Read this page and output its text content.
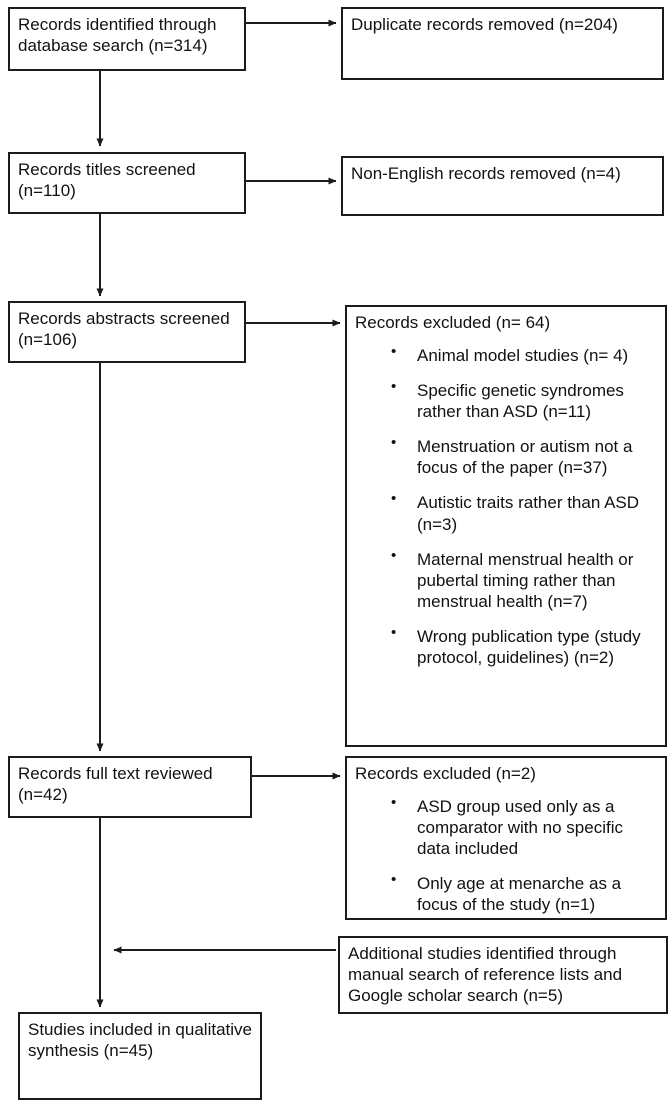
Records identified through database search (n=314)
Records titles screened (n=110)
Records abstracts screened (n=106)
Records full text reviewed (n=42)
Studies included in qualitative synthesis (n=45)
Duplicate records removed (n=204)
Non-English records removed (n=4)
Records excluded (n= 64)
• Animal model studies (n= 4)
• Specific genetic syndromes rather than ASD (n=11)
• Menstruation or autism not a focus of the paper (n=37)
• Autistic traits rather than ASD (n=3)
• Maternal menstrual health or pubertal timing rather than menstrual health (n=7)
• Wrong publication type (study protocol, guidelines) (n=2)
Records excluded (n=2)
• ASD group used only as a comparator with no specific data included
• Only age at menarche as a focus of the study (n=1)
Additional studies identified through manual search of reference lists and Google scholar search (n=5)
